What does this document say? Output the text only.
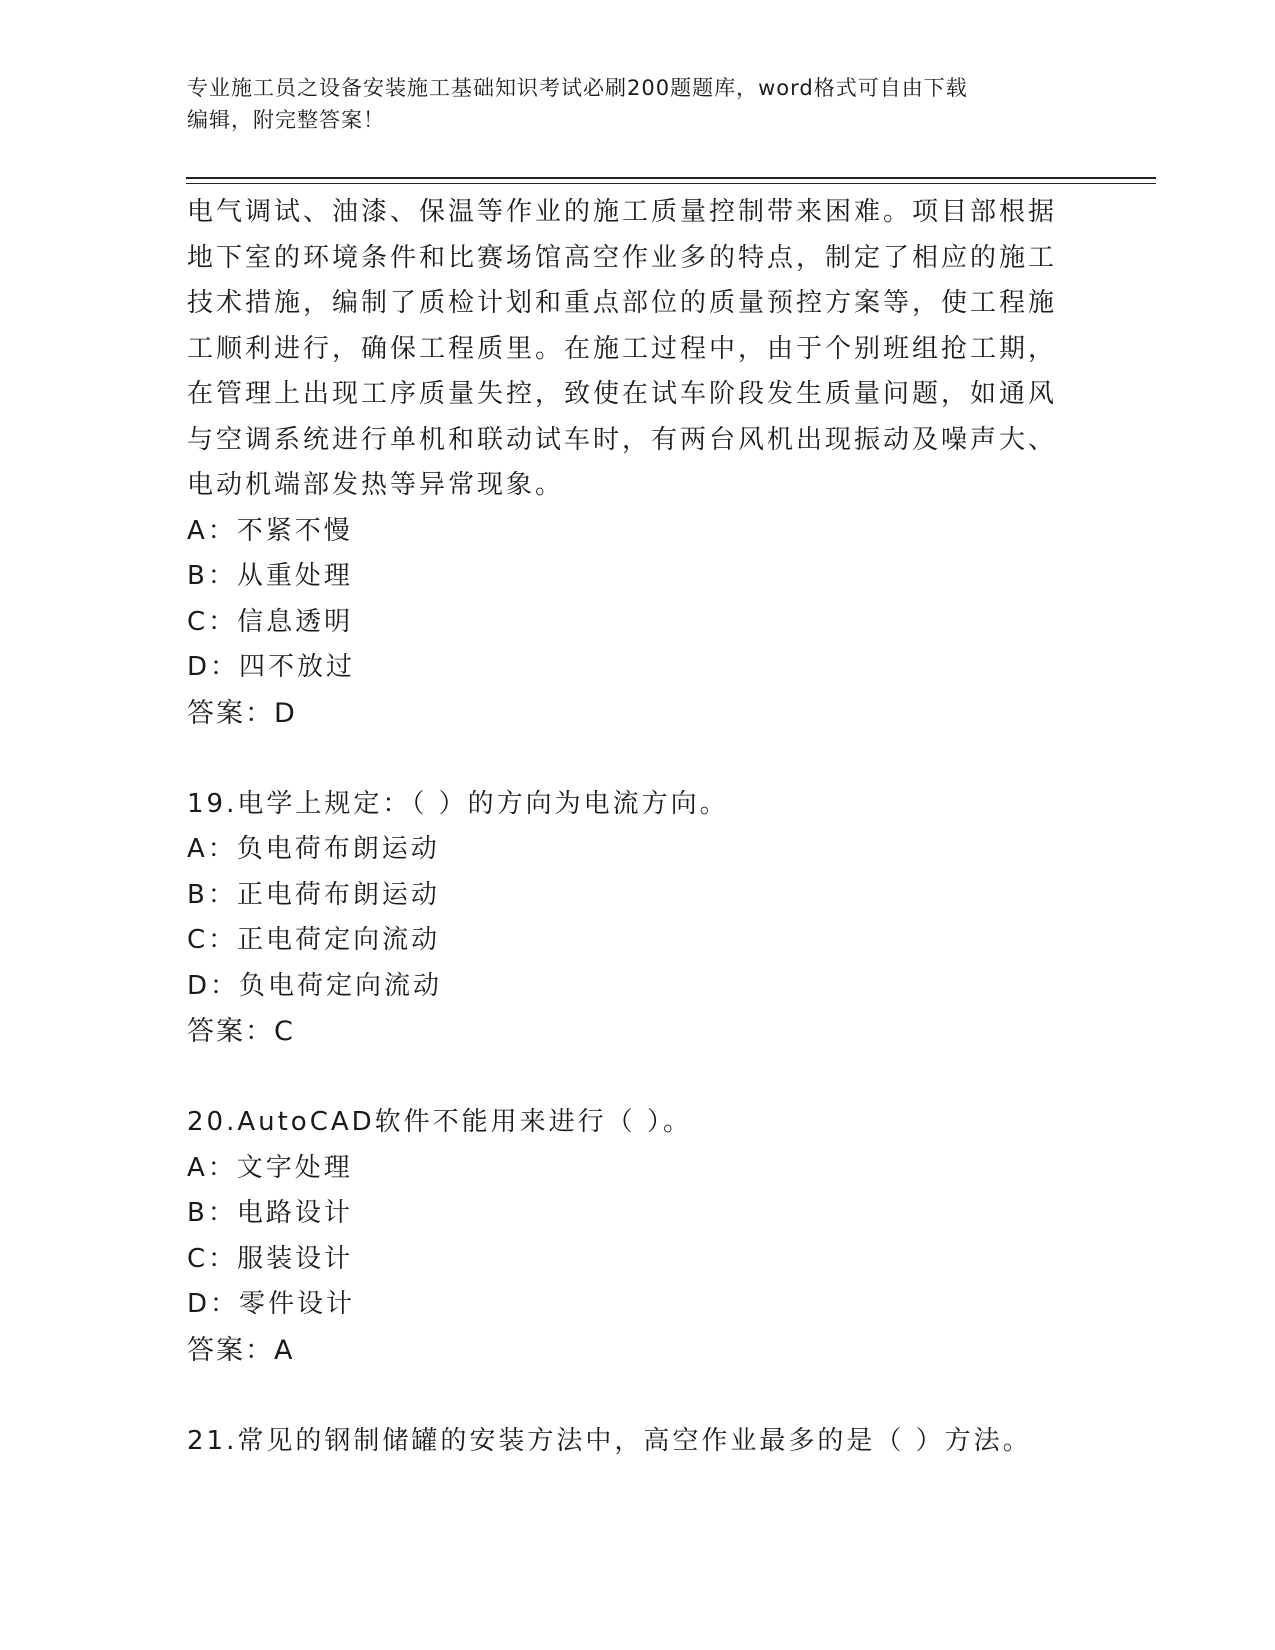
专业施工员之设备安装施工基础知识考试必刷200题题库，word格式可自由下载
编辑，附完整答案！
电气调试、油漆、保温等作业的施工质量控制带来困难。项目部根据
地下室的环境条件和比赛场馆高空作业多的特点，制定了相应的施工
技术措施，编制了质检计划和重点部位的质量预控方案等，使工程施
工顺利进行，确保工程质里。在施工过程中，由于个别班组抢工期，
在管理上出现工序质量失控，致使在试车阶段发生质量问题，如通风
与空调系统进行单机和联动试车时，有两台风机出现振动及噪声大、
电动机端部发热等异常现象。
A：不紧不慢
B：从重处理
C：信息透明
D：四不放过
答案：D
19.电学上规定：（ ）的方向为电流方向。
A：负电荷布朗运动
B：正电荷布朗运动
C：正电荷定向流动
D：负电荷定向流动
答案：C
20.AutoCAD软件不能用来进行（ ）。
A：文字处理
B：电路设计
C：服装设计
D：零件设计
答案：A
21.常见的钢制储罐的安装方法中，高空作业最多的是（ ）方法。
